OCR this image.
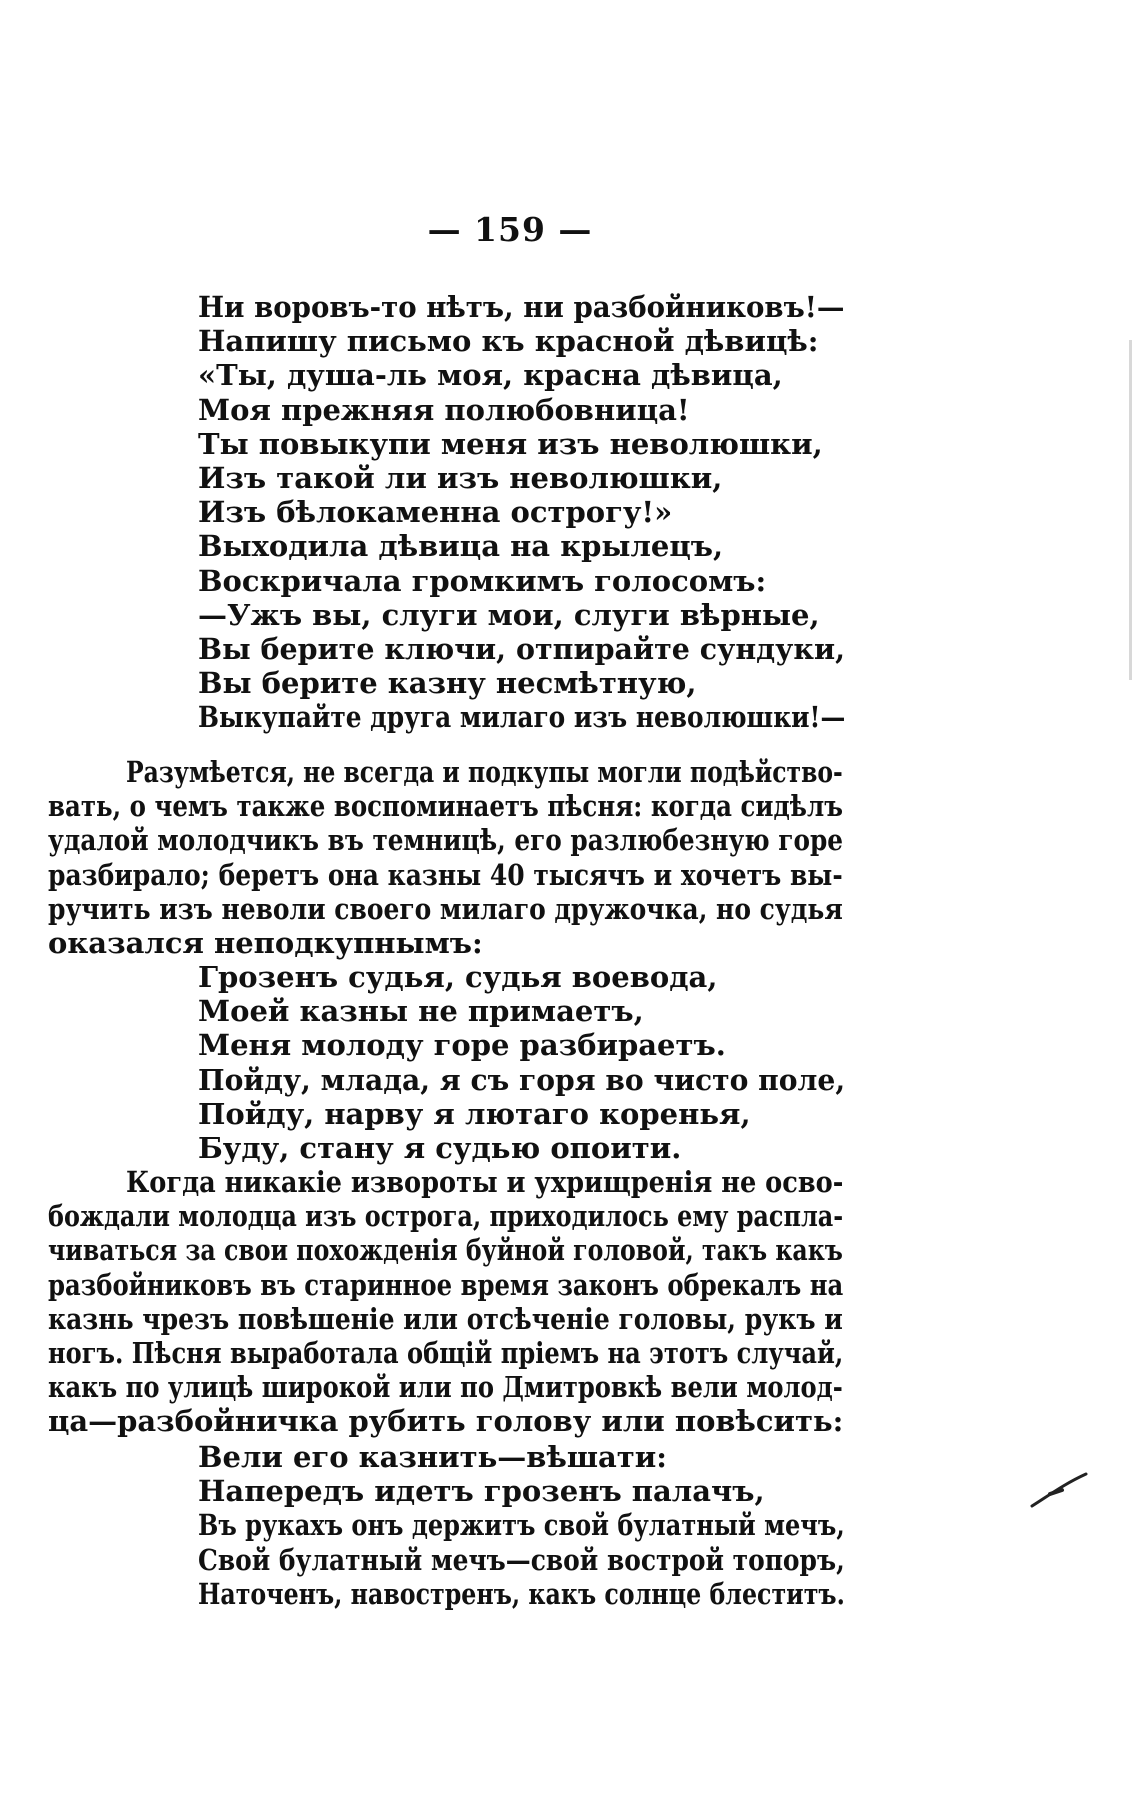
— 159 —
Ни воровъ-то нѣтъ, ни разбойниковъ!—
Напишу письмо къ красной дѣвицѣ:
«Ты, душа-ль моя, красна дѣвица,
Моя прежняя полюбовница!
Ты повыкупи меня изъ неволюшки,
Изъ такой ли изъ неволюшки,
Изъ бѣлокаменна острогу!»
Выходила дѣвица на крылецъ,
Воскричала громкимъ голосомъ:
—Ужъ вы, слуги мои, слуги вѣрные,
Вы берите ключи, отпирайте сундуки,
Вы берите казну несмѣтную,
Выкупайте друга милаго изъ неволюшки!—
Разумѣется, не всегда и подкупы могли подѣйство-
вать, о чемъ также воспоминаетъ пѣсня: когда сидѣлъ
удалой молодчикъ въ темницѣ, его разлюбезную горе
разбирало; беретъ она казны 40 тысячъ и хочетъ вы-
ручить изъ неволи своего милаго дружочка, но судья
оказался неподкупнымъ:
Грозенъ судья, судья воевода,
Моей казны не примаетъ,
Меня молоду горе разбираетъ.
Пойду, млада, я съ горя во чисто поле,
Пойду, нарву я лютаго коренья,
Буду, стану я судью опоити.
Когда никакіе извороты и ухрищренія не осво-
бождали молодца изъ острога, приходилось ему распла-
чиваться за свои похожденія буйной головой, такъ какъ
разбойниковъ въ старинное время законъ обрекалъ на
казнь чрезъ повѣшеніе или отсѣченіе головы, рукъ и
ногъ. Пѣсня выработала общій пріемъ на этотъ случай,
какъ по улицѣ широкой или по Дмитровкѣ вели молод-
ца—разбойничка рубить голову или повѣсить:
Вели его казнить—вѣшати:
Напередъ идетъ грозенъ палачъ,
Въ рукахъ онъ держитъ свой булатный мечъ,
Свой булатный мечъ—свой вострой топоръ,
Наточенъ, навостренъ, какъ солнце блеститъ.
